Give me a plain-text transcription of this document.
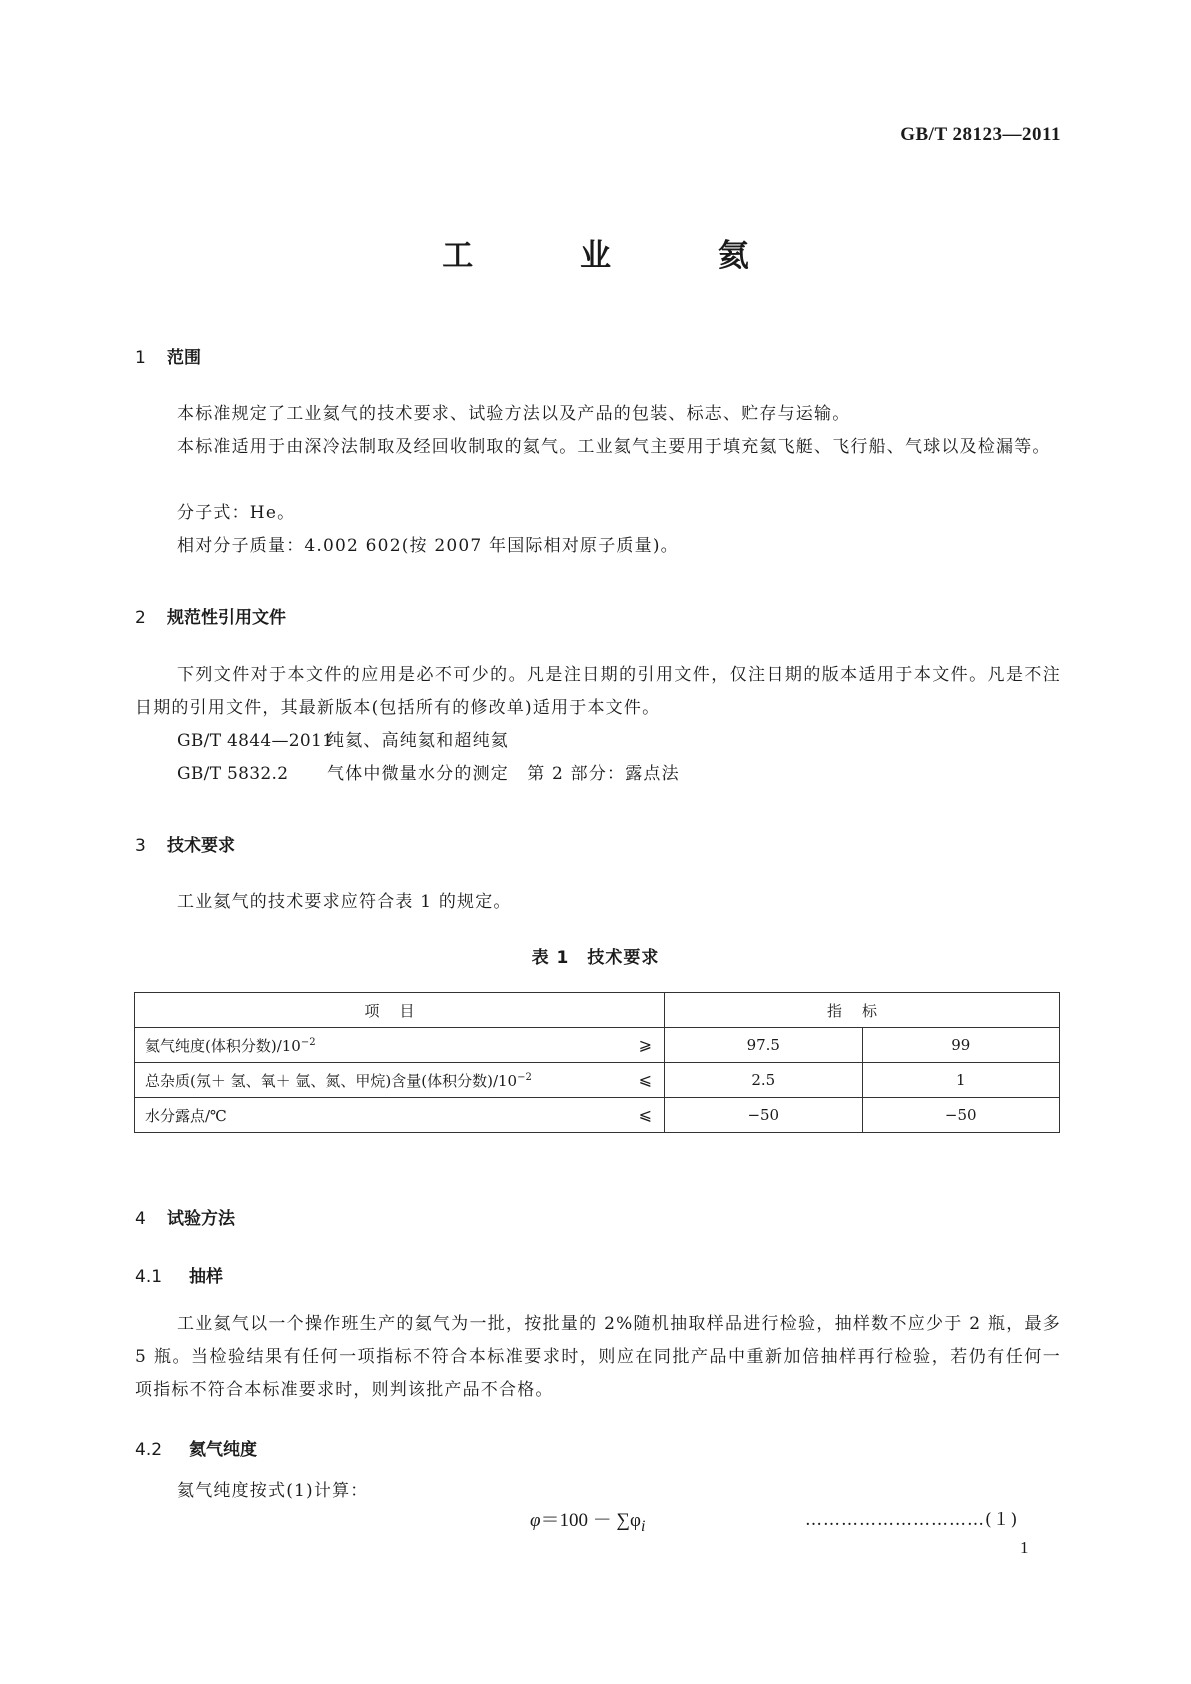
GB/T 28123—2011
工 业 氦
1 范围
本标准规定了工业氦气的技术要求、试验方法以及产品的包装、标志、贮存与运输。
本标准适用于由深冷法制取及经回收制取的氦气。工业氦气主要用于填充氦飞艇、飞行船、气球以及检漏等。
分子式：He。
相对分子质量：4.002 602(按 2007 年国际相对原子质量)。
2 规范性引用文件
下列文件对于本文件的应用是必不可少的。凡是注日期的引用文件，仅注日期的版本适用于本文件。凡是不注日期的引用文件，其最新版本(包括所有的修改单)适用于本文件。
GB/T 4844—2011纯氦、高纯氦和超纯氦
GB/T 5832.2 气体中微量水分的测定　第 2 部分：露点法
3 技术要求
工业氦气的技术要求应符合表 1 的规定。
表 1　技术要求
项目	指标	
氦气纯度(体积分数)$/10^{-2}$ ⩾	97.5	99
总杂质(氖＋ 氢、氧＋ 氩、氮、甲烷)含量(体积分数)$/10^{-2}$ ⩽	2.5	1
水分露点/℃ ⩽	−50	−50
4 试验方法
4.1 抽样
工业氦气以一个操作班生产的氦气为一批，按批量的 2%随机抽取样品进行检验，抽样数不应少于 2 瓶，最多 5 瓶。当检验结果有任何一项指标不符合本标准要求时，则应在同批产品中重新加倍抽样再行检验，若仍有任何一项指标不符合本标准要求时，则判该批产品不合格。
4.2 氦气纯度
氦气纯度按式(1)计算：
$\varphi=100 - \sum\varphi_i$	…………………………(１)
1
